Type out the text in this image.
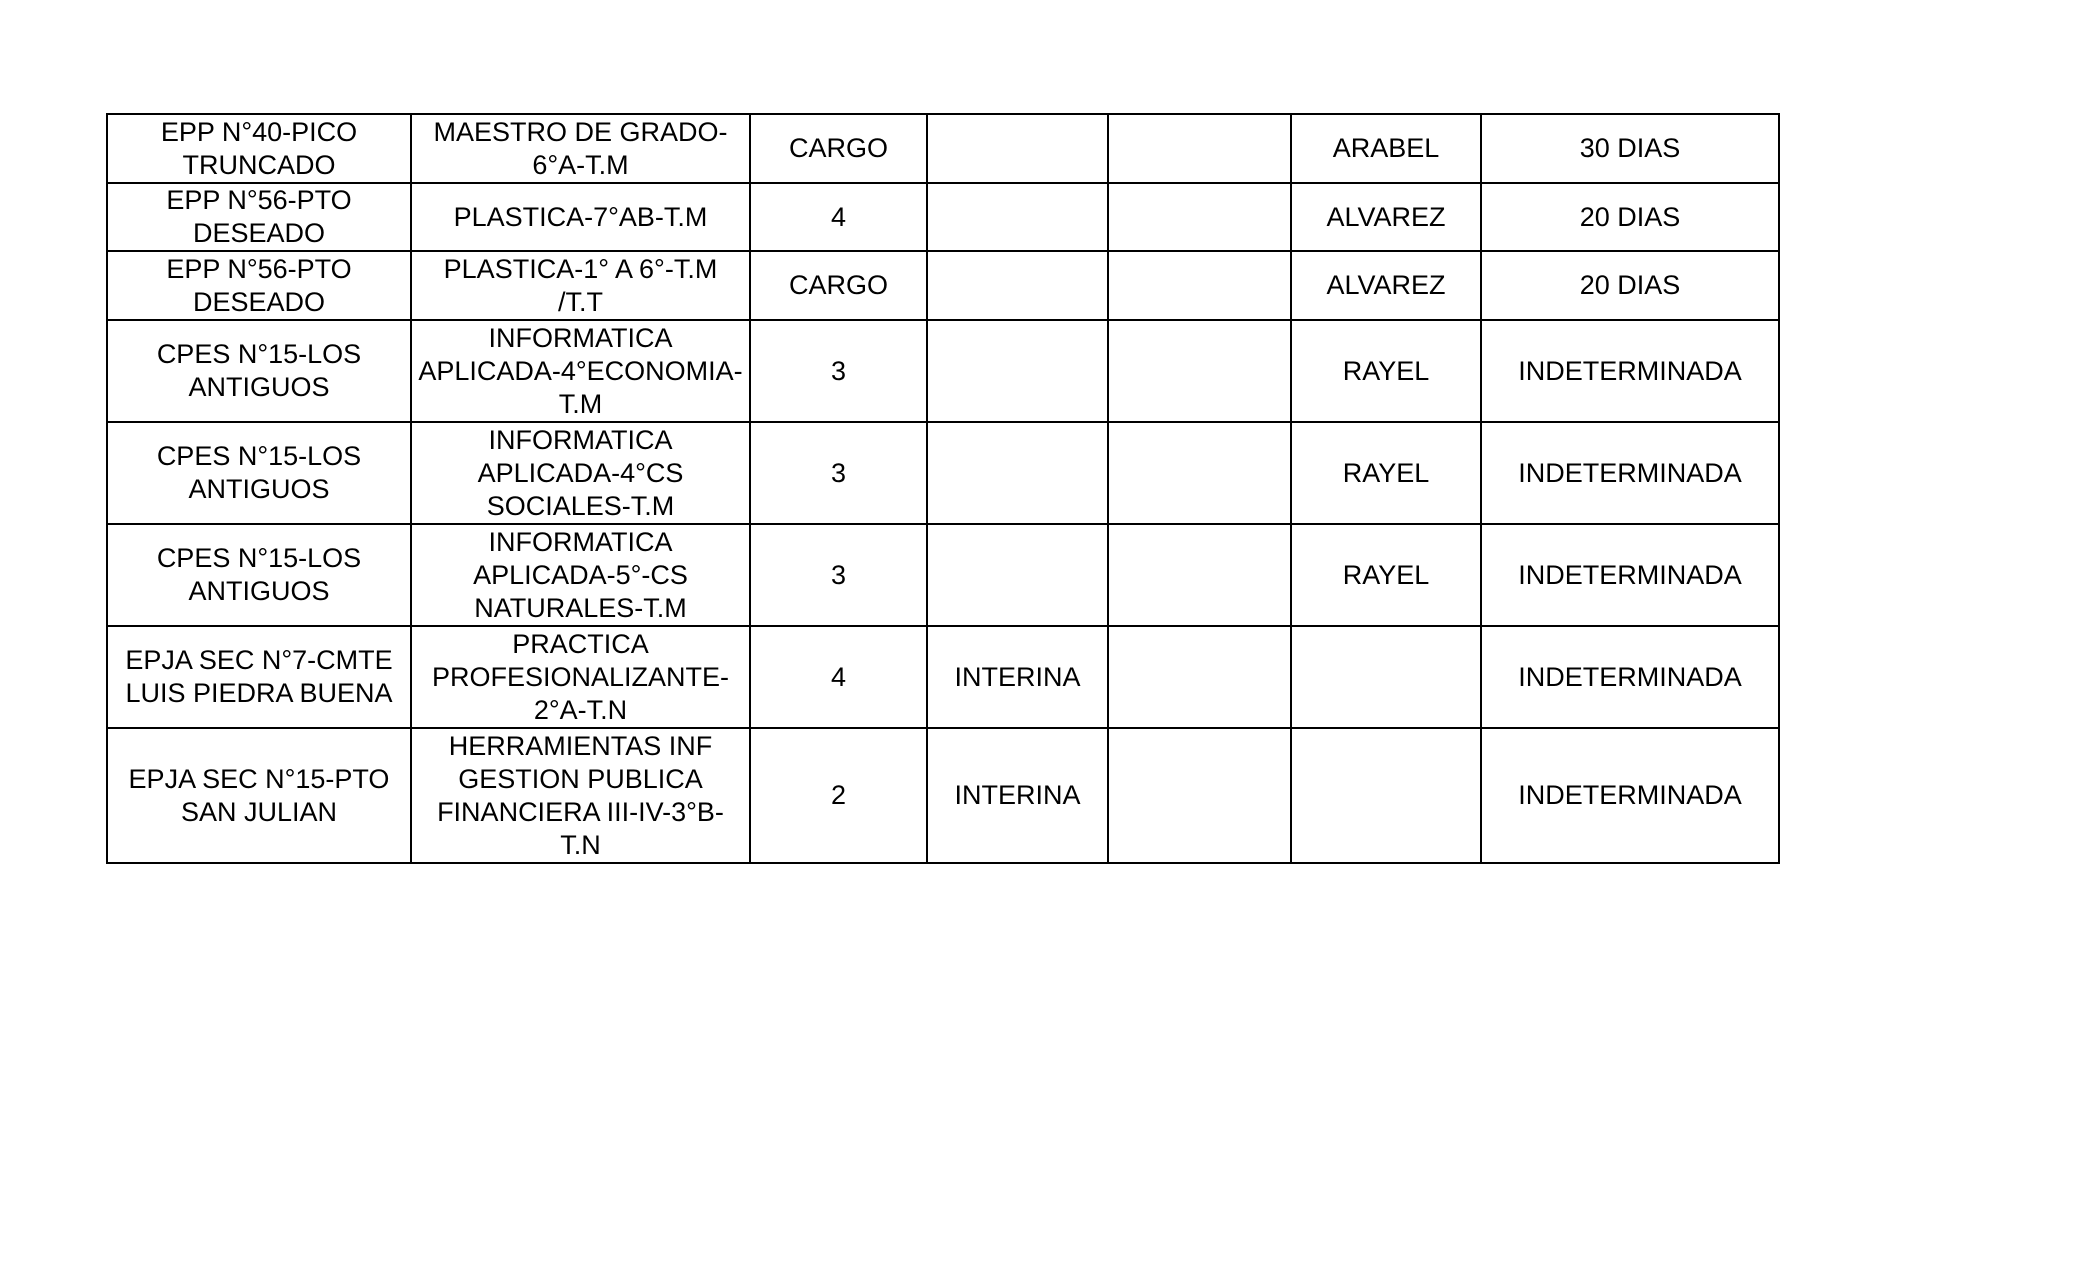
EPP N°40-PICO
TRUNCADO	MAESTRO DE GRADO-
6°A-T.M	CARGO			ARABEL	30 DIAS
EPP N°56-PTO
DESEADO	PLASTICA-7°AB-T.M	4			ALVAREZ	20 DIAS
EPP N°56-PTO
DESEADO	PLASTICA-1° A 6°-T.M
/T.T	CARGO			ALVAREZ	20 DIAS
CPES N°15-LOS
ANTIGUOS	INFORMATICA
APLICADA-4°ECONOMIA-
T.M	3			RAYEL	INDETERMINADA
CPES N°15-LOS
ANTIGUOS	INFORMATICA
APLICADA-4°CS
SOCIALES-T.M	3			RAYEL	INDETERMINADA
CPES N°15-LOS
ANTIGUOS	INFORMATICA
APLICADA-5°-CS
NATURALES-T.M	3			RAYEL	INDETERMINADA
EPJA SEC N°7-CMTE
LUIS PIEDRA BUENA	PRACTICA
PROFESIONALIZANTE-
2°A-T.N	4	INTERINA			INDETERMINADA
EPJA SEC N°15-PTO
SAN JULIAN	HERRAMIENTAS INF
GESTION PUBLICA
FINANCIERA III-IV-3°B-
T.N	2	INTERINA			INDETERMINADA
